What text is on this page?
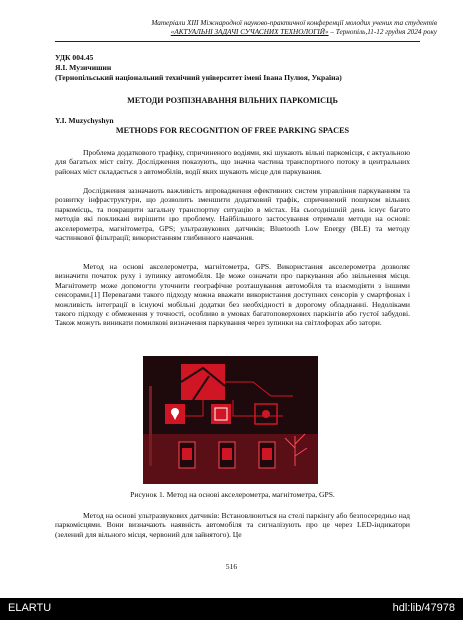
Матеріали XIII Міжнародної науково-практичної конференції молодих учених та студентів
«АКТУАЛЬНІ ЗАДАЧІ СУЧАСНИХ ТЕХНОЛОГІЙ» – Тернопіль,11-12 грудня 2024 року
УДК 004.45
Я.І. Музичишин
(Тернопільський національний технічний університет імені Івана Пулюя, Україна)
МЕТОДИ РОЗПІЗНАВАННЯ ВІЛЬНИХ ПАРКОМІСЦЬ
Y.I. Muzychyshyn
METHODS FOR RECOGNITION OF FREE PARKING SPACES
Проблема додаткового трафіку, спричиненого водіями, які шукають вільні паркомісця, є актуальною для багатьох міст світу. Дослідження показують, що значна частина транспортного потоку в центральних районах міст складається з автомобілів, водії яких шукають місце для паркування.
Дослідження зазначають важливість впровадження ефективних систем управління паркуванням та розвитку інфраструктури, що дозволить зменшити додатковий трафік, спричинений пошуком вільних паркомісць, та покращити загальну транспортну ситуацію в містах. На сьогоднішній день існує багато методів які покликані вирішити цю проблему. Найбільшого застосування отримали методи на основі: акселерометра, магнітометра, GPS; ультразвукових датчиків; Bluetooth Low Energy (BLE) та методу частинкової фільтрації; використанням глибинного навчання.
Метод на основі акселерометра, магнітометра, GPS. Використання акселерометра дозволяє визначити початок руху і зупинку автомобіля. Це може означати про паркування або звільнення місця. Магнітометр може допомогти уточнити географічне розташування автомобіля та взаємодіяти з іншими сенсорами.[1] Перевагами такого підходу можна вважати використання доступних сенсорів у смартфонах і можливість інтеграції в існуючі мобільні додатки без необхідності в дорогому обладнанні. Недоліками такого підходу є обмеження у точності, особливо в умовах багатоповерхових паркінгів або густої забудові. Також можуть виникати помилкові визначення паркування через зупинки на світлофорах або затори.
Рисунок 1. Метод на основі акселерометра, магнітометра, GPS.
Метод на основі ультразвукових датчиків: Встановлюються на стелі паркінгу або безпосередньо над паркомісцями. Вони визначають наявність автомобіля та сигналізують про це через LED-індикатори (зелений для вільного місця, червоний для зайнятого). Це
516
ELARTU	hdl:lib/47978
